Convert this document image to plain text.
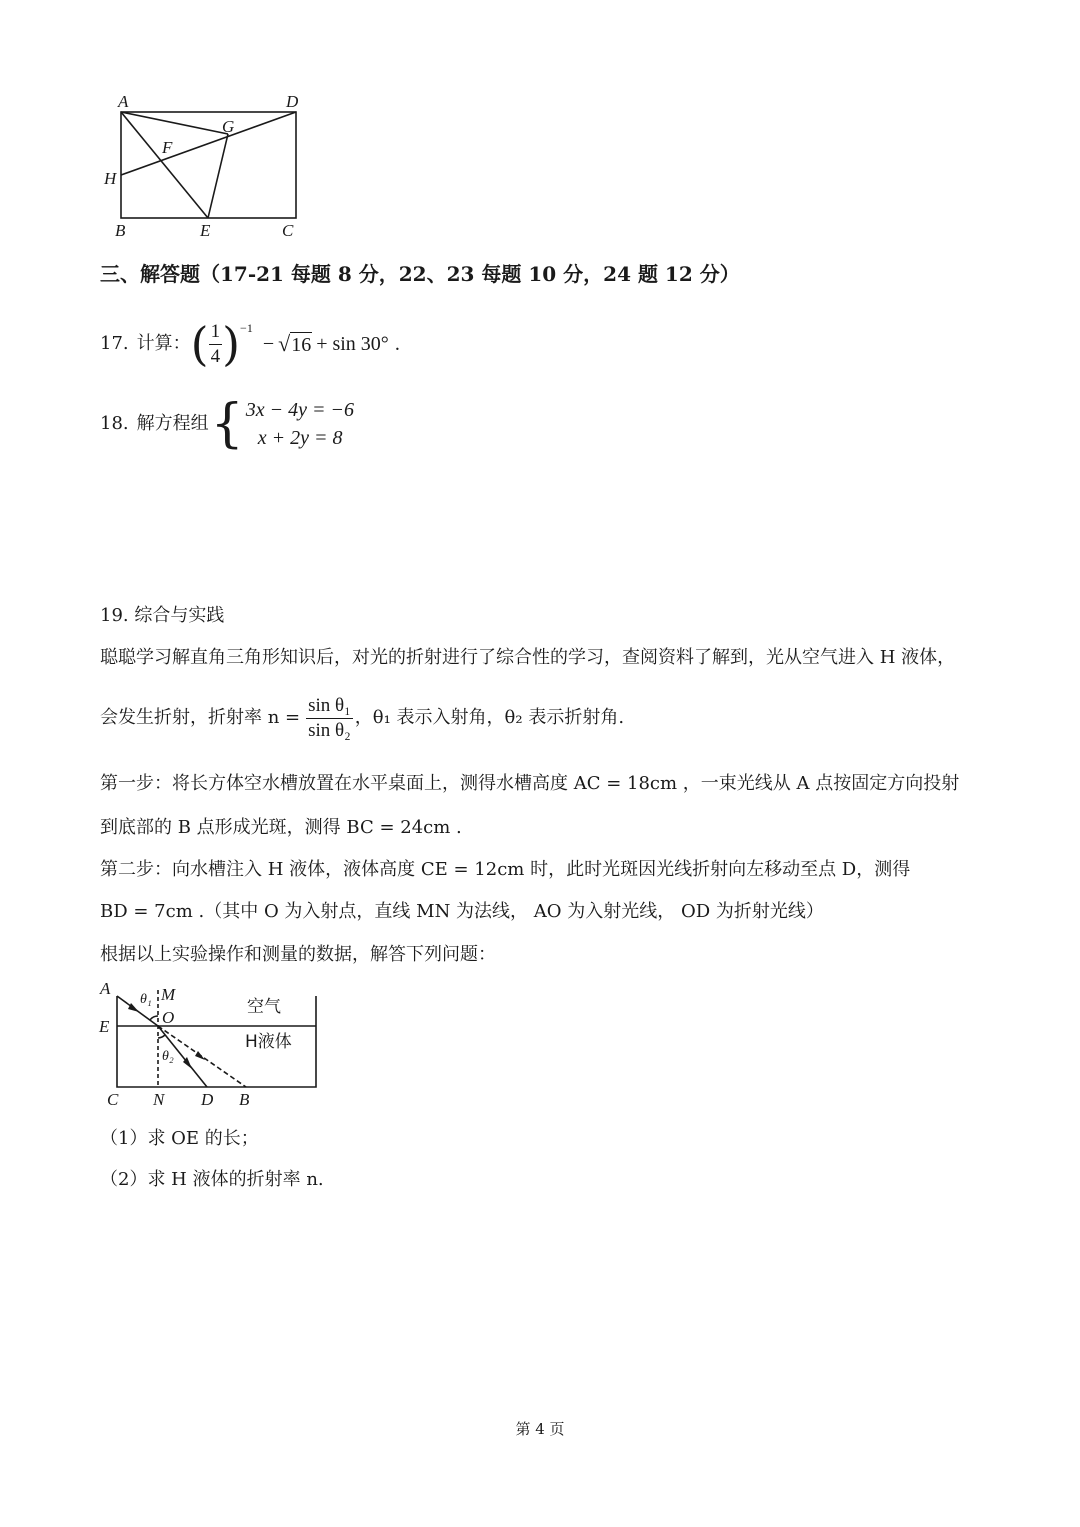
A	D
G
F
H
B	E	C
三、解答题（17-21 每题 8 分，22、23 每题 10 分，24 题 12 分）
17. 计算： ( $\frac{1}{4}$ ) −1
− √ 16 + sin 30° .
18. 解方程组 { 3x − 4y = −6
x + 2y = 8
19. 综合与实践
聪聪学习解直角三角形知识后，对光的折射进行了综合性的学习，查阅资料了解到，光从空气进入 H 液体，
会发生折射，折射率 $n = \frac{\text{sin θ₁}}{\text{sin θ₂}}$ ，θ₁ 表示入射角，θ₂ 表示折射角.
第一步：将长方体空水槽放置在水平桌面上，测得水槽高度 AC = 18cm ，一束光线从 A 点按固定方向投射
到底部的 B 点形成光斑，测得 BC = 24cm .
第二步：向水槽注入 H 液体，液体高度 CE = 12cm 时，此时光斑因光线折射向左移动至点 D，测得
BD = 7cm .（其中 O 为入射点，直线 MN 为法线， AO 为入射光线， OD 为折射光线）
根据以上实验操作和测量的数据，解答下列问题：
A
θ₁ M
O
E
θ₂
C N D B
空气
H液体
（1）求 OE 的长；
（2）求 H 液体的折射率 n.
第 4 页
